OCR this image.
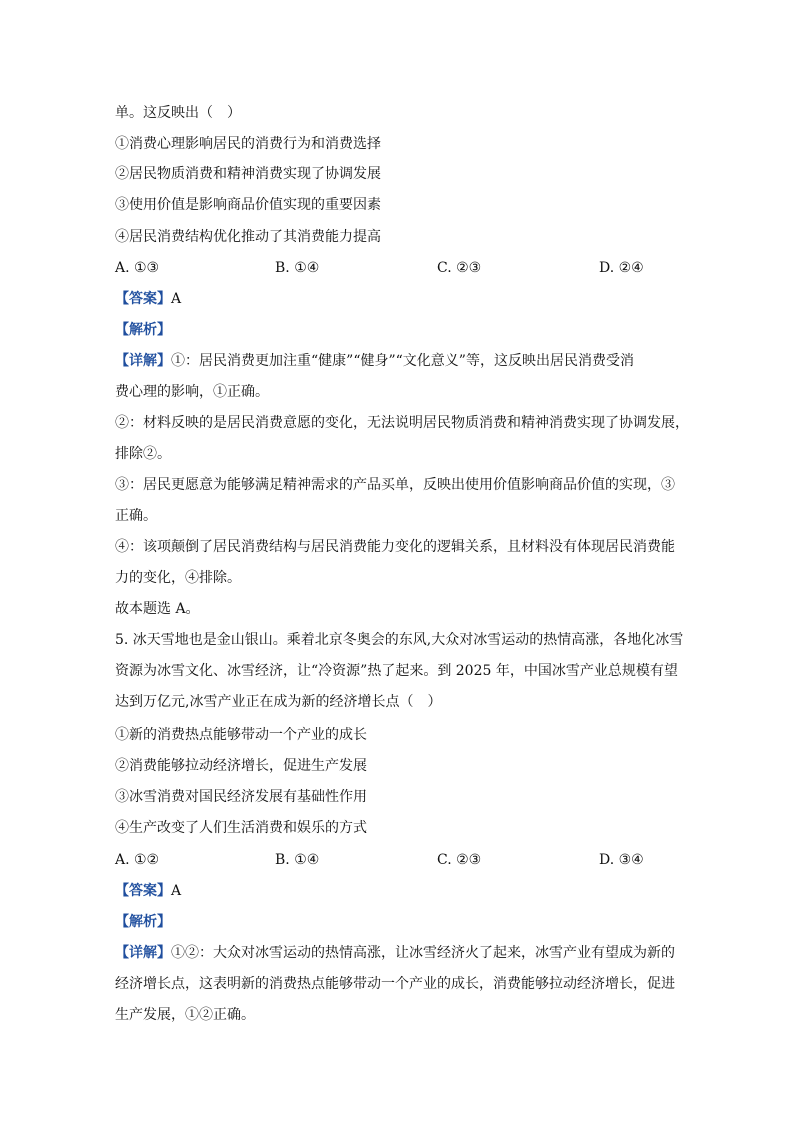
单。这反映出（　）
①消费心理影响居民的消费行为和消费选择
②居民物质消费和精神消费实现了协调发展
③使用价值是影响商品价值实现的重要因素
④居民消费结构优化推动了其消费能力提高
A. ①③	B. ①④	C. ②③	D. ②④
【答案】A
【解析】
【详解】①：居民消费更加注重“健康”“健身”“文化意义”等，这反映出居民消费受消
费心理的影响，①正确。
②：材料反映的是居民消费意愿的变化，无法说明居民物质消费和精神消费实现了协调发展，
排除②。
③：居民更愿意为能够满足精神需求的产品买单，反映出使用价值影响商品价值的实现，③
正确。
④：该项颠倒了居民消费结构与居民消费能力变化的逻辑关系，且材料没有体现居民消费能
力的变化，④排除。
故本题选 A。
5. 冰天雪地也是金山银山。乘着北京冬奥会的东风,大众对冰雪运动的热情高涨，各地化冰雪
资源为冰雪文化、冰雪经济，让“冷资源”热了起来。到 2025 年，中国冰雪产业总规模有望
达到万亿元,冰雪产业正在成为新的经济增长点（　）
①新的消费热点能够带动一个产业的成长
②消费能够拉动经济增长，促进生产发展
③冰雪消费对国民经济发展有基础性作用
④生产改变了人们生活消费和娱乐的方式
A. ①②	B. ①④	C. ②③	D. ③④
【答案】A
【解析】
【详解】①②：大众对冰雪运动的热情高涨，让冰雪经济火了起来，冰雪产业有望成为新的
经济增长点，这表明新的消费热点能够带动一个产业的成长，消费能够拉动经济增长，促进
生产发展，①②正确。
